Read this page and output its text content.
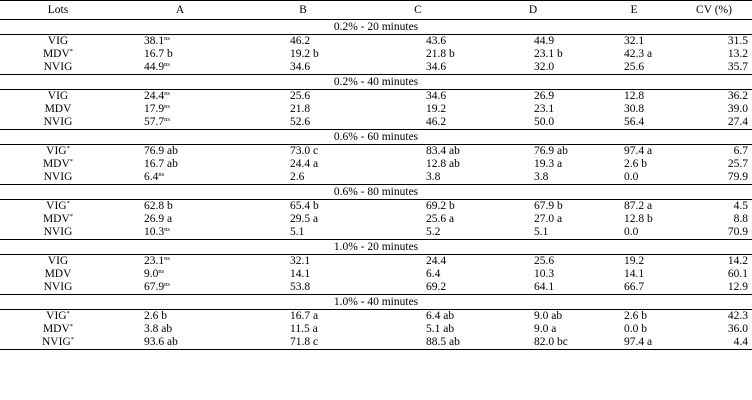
Lots	A	B	C	D	E	CV (%)
0.2% - 20 minutes						
VIG	$38.1^{ns}$	46.2	43.6	44.9	32.1	31.5
MDV*	16.7 b	19.2 b	21.8 b	23.1 b	42.3 a	13.2
NVIG	$44.9^{ns}$	34.6	34.6	32.0	25.6	35.7
0.2% - 40 minutes						
VIG	$24.4^{ns}$	25.6	34.6	26.9	12.8	36.2
MDV	$17.9^{ns}$	21.8	19.2	23.1	30.8	39.0
NVIG	$57.7^{ns}$	52.6	46.2	50.0	56.4	27.4
0.6% - 60 minutes						
VIG*	76.9 ab	73.0 c	83.4 ab	76.9 ab	97.4 a	6.7
MDV*	16.7 ab	24.4 a	12.8 ab	19.3 a	2.6 b	25.7
NVIG	$6.4^{ns}$	2.6	3.8	3.8	0.0	79.9
0.6% - 80 minutes						
VIG*	62.8 b	65.4 b	69.2 b	67.9 b	87.2 a	4.5
MDV*	26.9 a	29.5 a	25.6 a	27.0 a	12.8 b	8.8
NVIG	$10.3^{ns}$	5.1	5.2	5.1	0.0	70.9
1.0% - 20 minutes						
VIG	$23.1^{ns}$	32.1	24.4	25.6	19.2	14.2
MDV	$9.0^{ns}$	14.1	6.4	10.3	14.1	60.1
NVIG	$67.9^{ns}$	53.8	69.2	64.1	66.7	12.9
1.0% - 40 minutes						
VIG*	2.6 b	16.7 a	6.4 ab	9.0 ab	2.6 b	42.3
MDV*	3.8 ab	11.5 a	5.1 ab	9.0 a	0.0 b	36.0
NVIG*	93.6 ab	71.8 c	88.5 ab	82.0 bc	97.4 a	4.4
